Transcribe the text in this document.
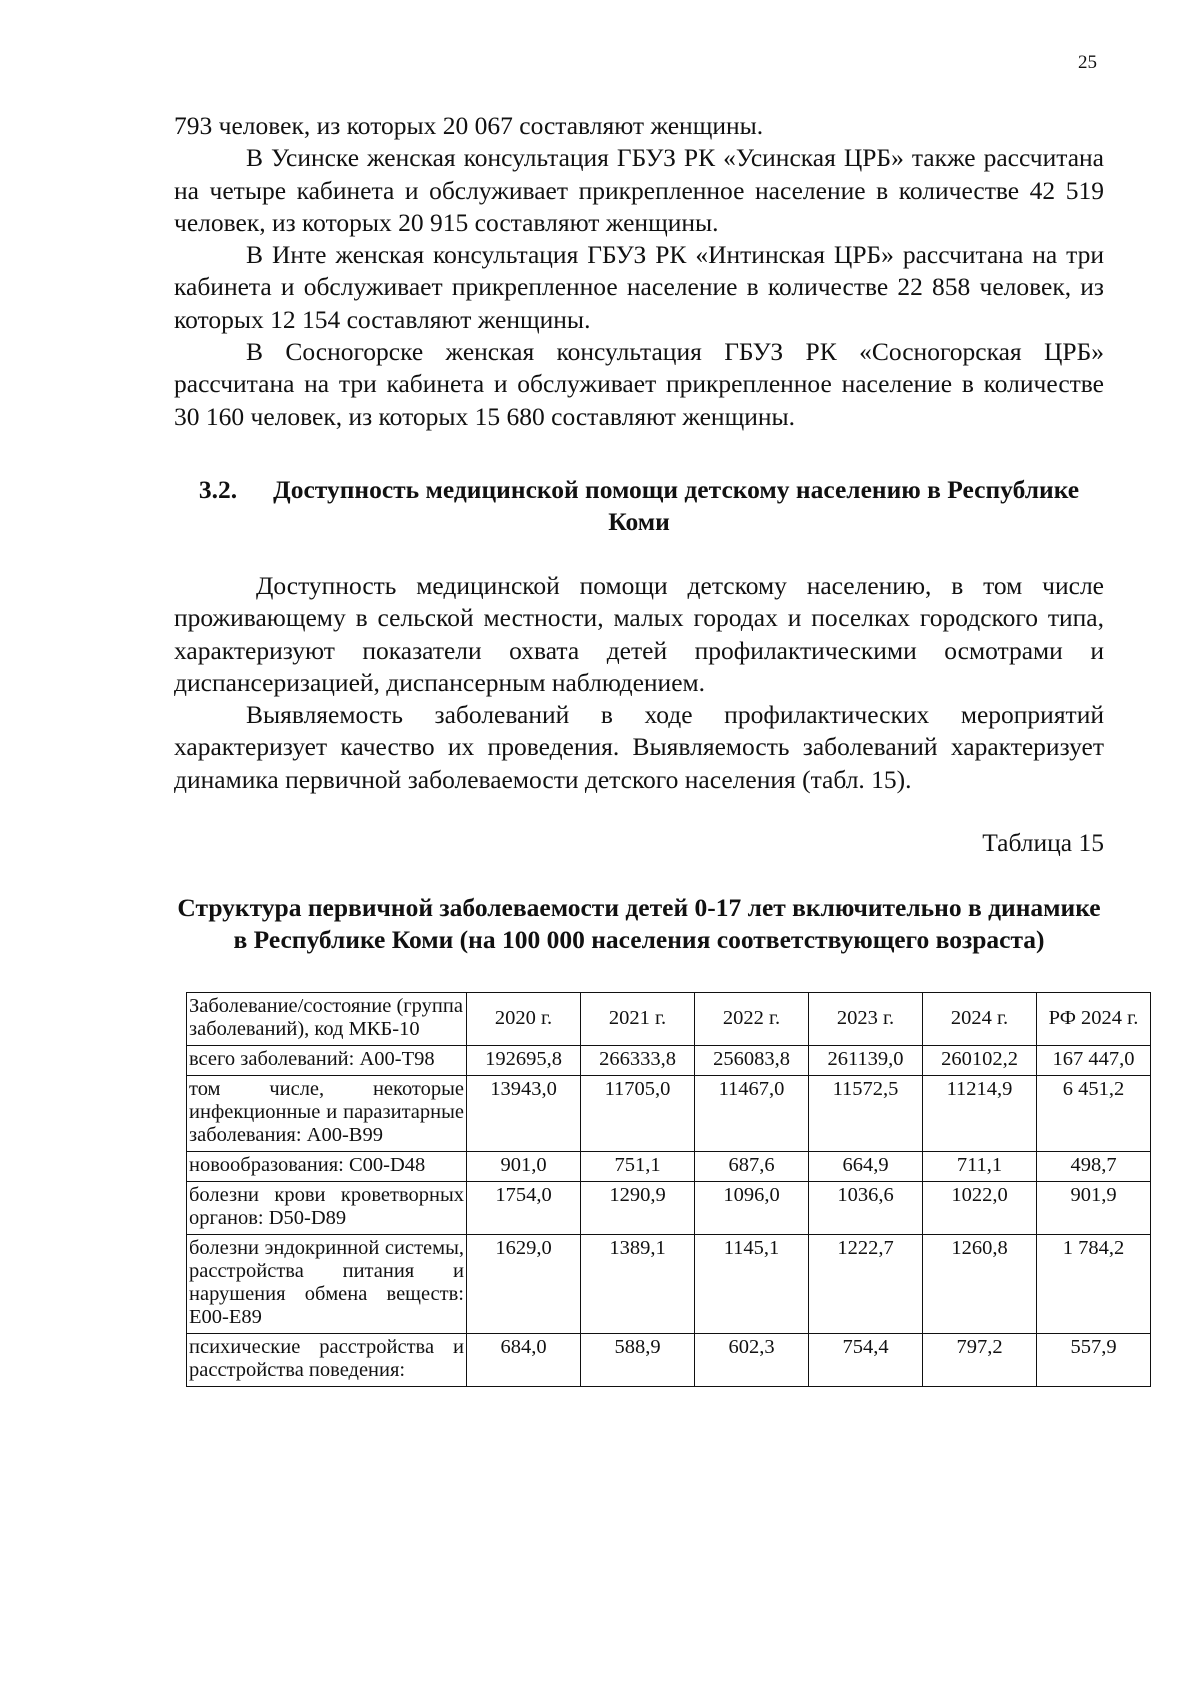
25

793 человек, из которых 20 067 составляют женщины.

В Усинске женская консультация ГБУЗ РК «Усинская ЦРБ» также рассчитана на четыре кабинета и обслуживает прикрепленное население в количестве 42 519 человек, из которых 20 915 составляют женщины.

В Инте женская консультация ГБУЗ РК «Интинская ЦРБ» рассчитана на три кабинета и обслуживает прикрепленное население в количестве 22 858 человек, из которых 12 154 составляют женщины.

В Сосногорске женская консультация ГБУЗ РК «Сосногорская ЦРБ» рассчитана на три кабинета и обслуживает прикрепленное население в количестве 30 160 человек, из которых 15 680 составляют женщины.

3.2. Доступность медицинской помощи детскому населению в Республике Коми

Доступность медицинской помощи детскому населению, в том числе проживающему в сельской местности, малых городах и поселках городского типа, характеризуют показатели охвата детей профилактическими осмотрами и диспансеризацией, диспансерным наблюдением.

Выявляемость заболеваний в ходе профилактических мероприятий характеризует качество их проведения. Выявляемость заболеваний характеризует динамика первичной заболеваемости детского населения (табл. 15).

Таблица 15

Структура первичной заболеваемости детей 0-17 лет включительно в динамике в Республике Коми (на 100 000 населения соответствующего возраста)

Заболевание/состояние (группа заболеваний), код МКБ-10	2020 г.	2021 г.	2022 г.	2023 г.	2024 г.	РФ 2024 г.
всего заболеваний: А00-Т98	192695,8	266333,8	256083,8	261139,0	260102,2	167 447,0
том числе, некоторые инфекционные и паразитарные заболевания: А00-В99	13943,0	11705,0	11467,0	11572,5	11214,9	6 451,2
новообразования: С00-D48	901,0	751,1	687,6	664,9	711,1	498,7
болезни крови кроветворных органов: D50-D89	1754,0	1290,9	1096,0	1036,6	1022,0	901,9
болезни эндокринной системы, расстройства питания и нарушения обмена веществ: Е00-Е89	1629,0	1389,1	1145,1	1222,7	1260,8	1 784,2
психические расстройства и расстройства поведения:	684,0	588,9	602,3	754,4	797,2	557,9
